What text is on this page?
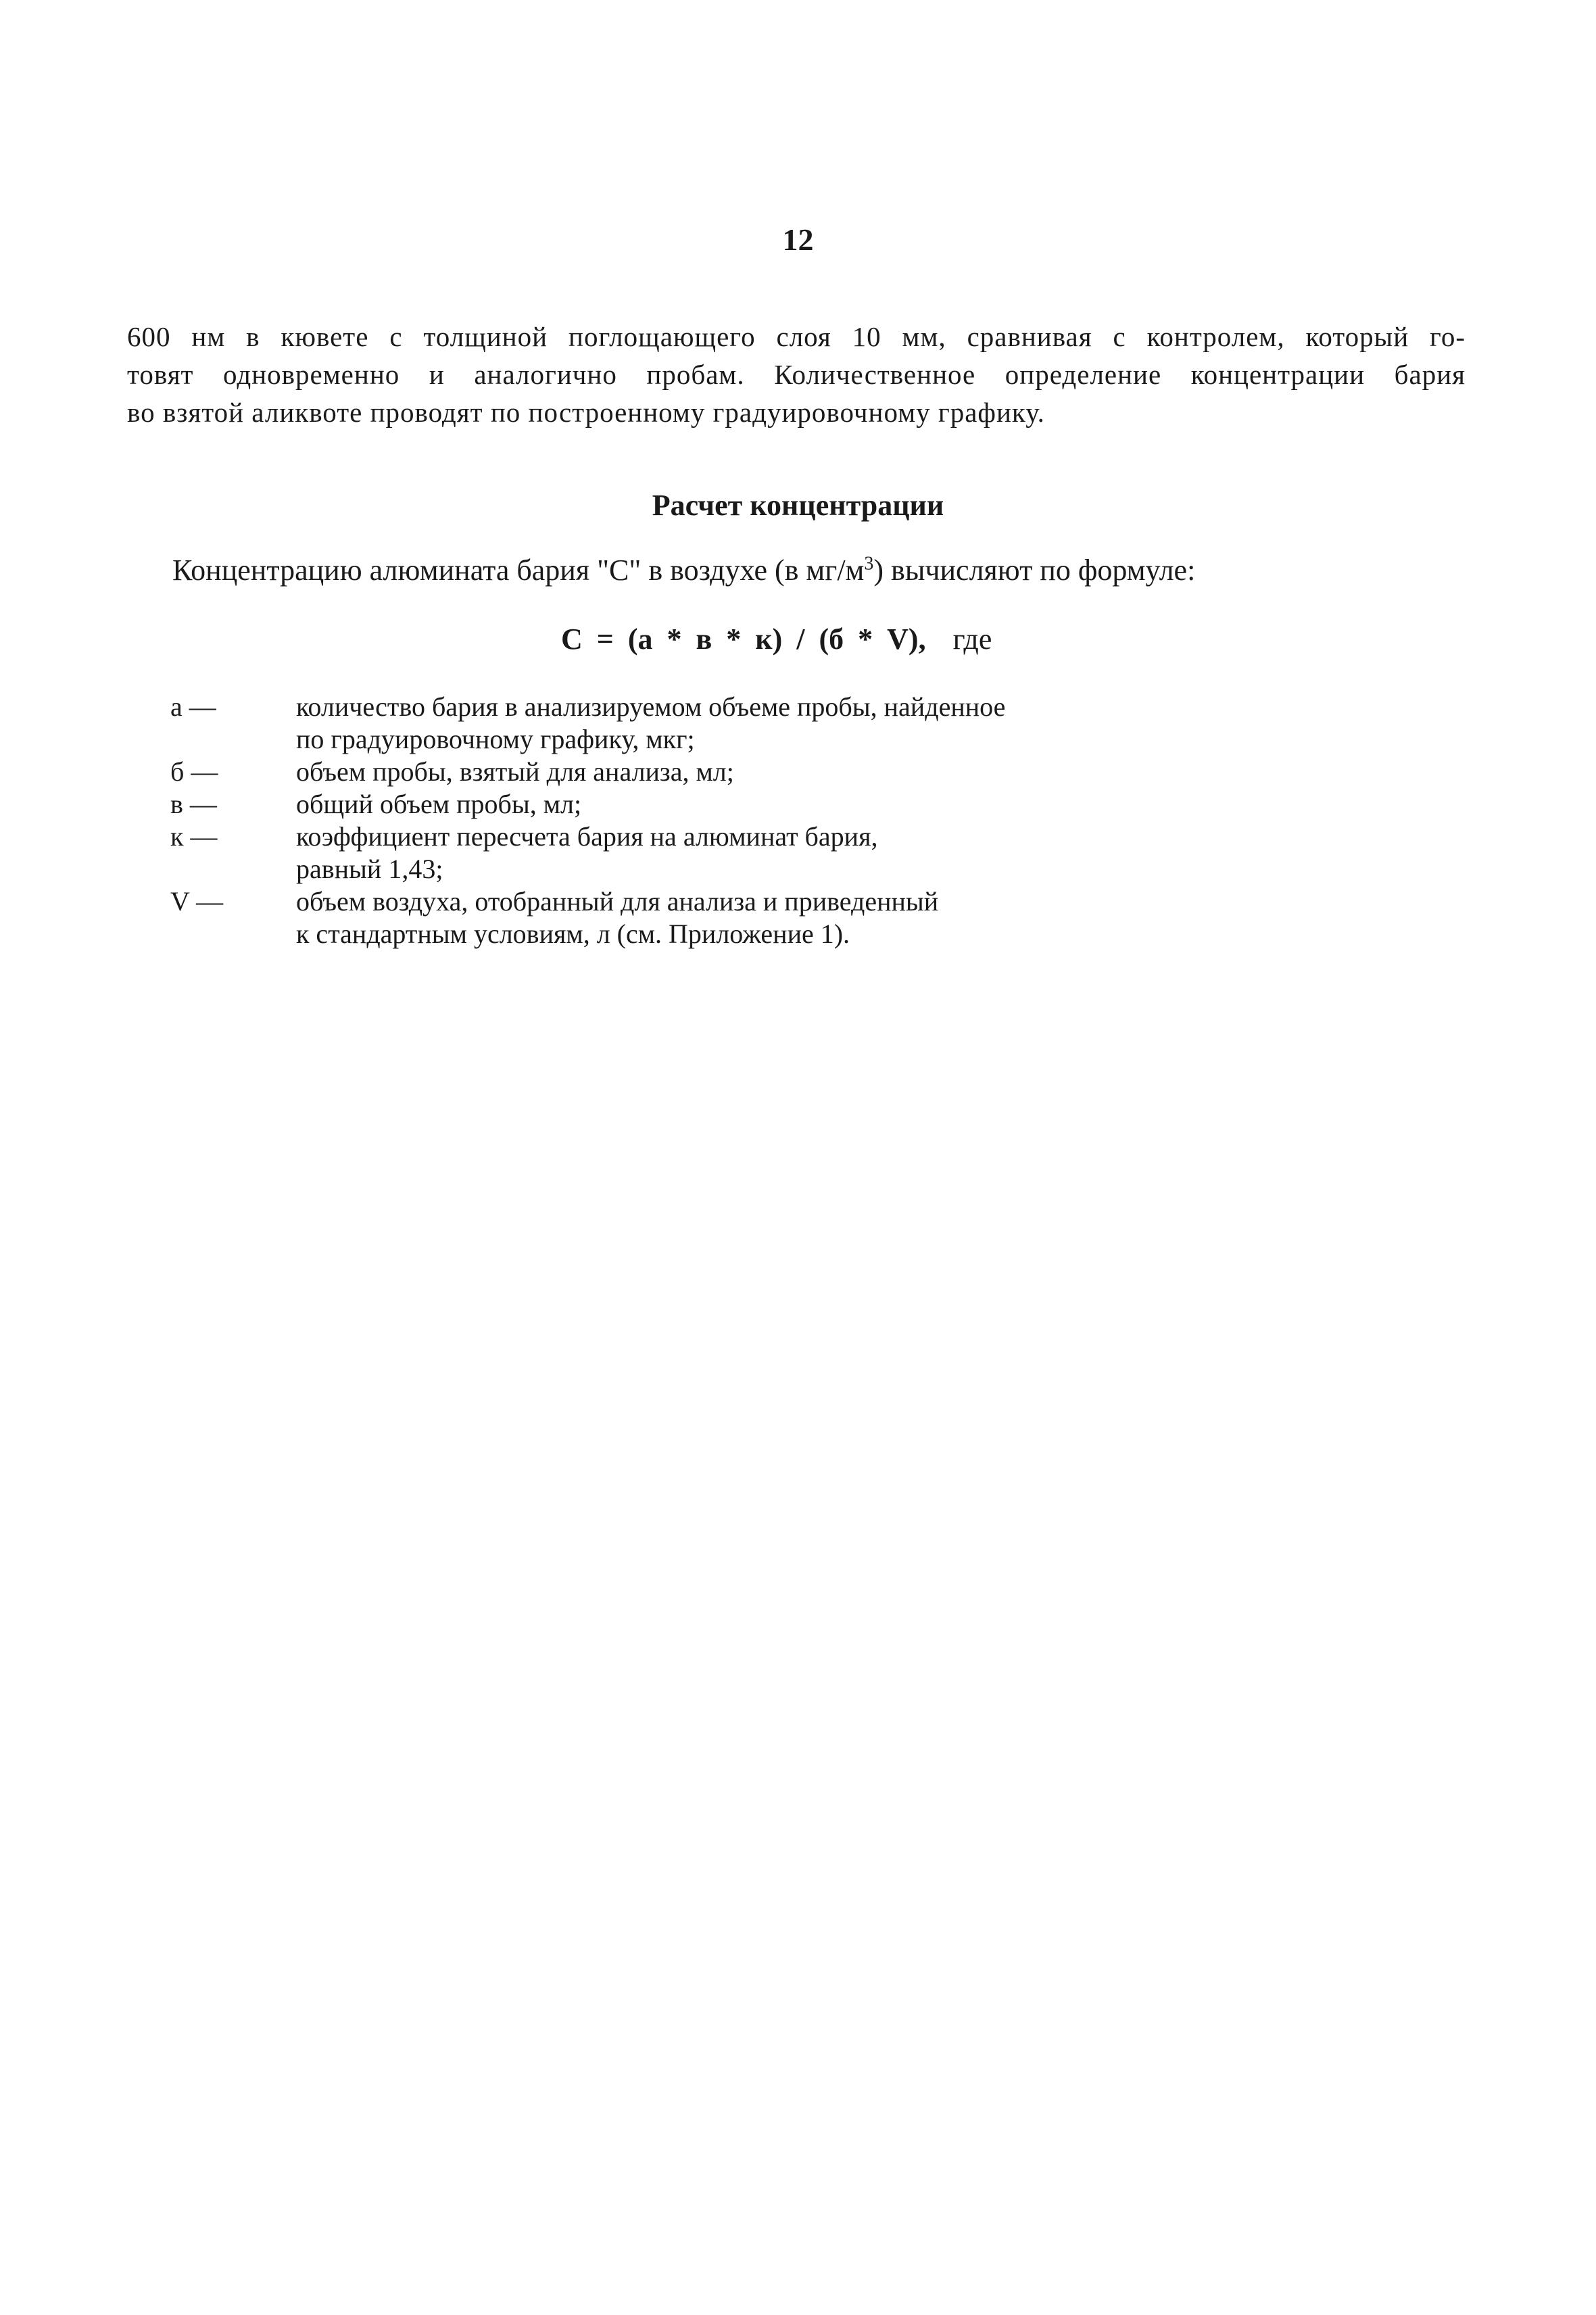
12
600 нм в кювете с толщиной поглощающего слоя 10 мм, сравнивая с контролем, который го-
товят одновременно и аналогично пробам. Количественное определение концентрации бария
во взятой аликвоте проводят по построенному градуировочному графику.
Расчет концентрации
Концентрацию алюмината бария "С" в воздухе (в $мг/м^3$) вычисляют по формуле:
С = (а * в * к) / (б * V), где
а —	количество бария в анализируемом объеме пробы, найденное
по градуировочному графику, мкг;
б —	объем пробы, взятый для анализа, мл;
в —	общий объем пробы, мл;
к —	коэффициент пересчета бария на алюминат бария,
равный 1,43;
V —	объем воздуха, отобранный для анализа и приведенный
к стандартным условиям, л (см. Приложение 1).
